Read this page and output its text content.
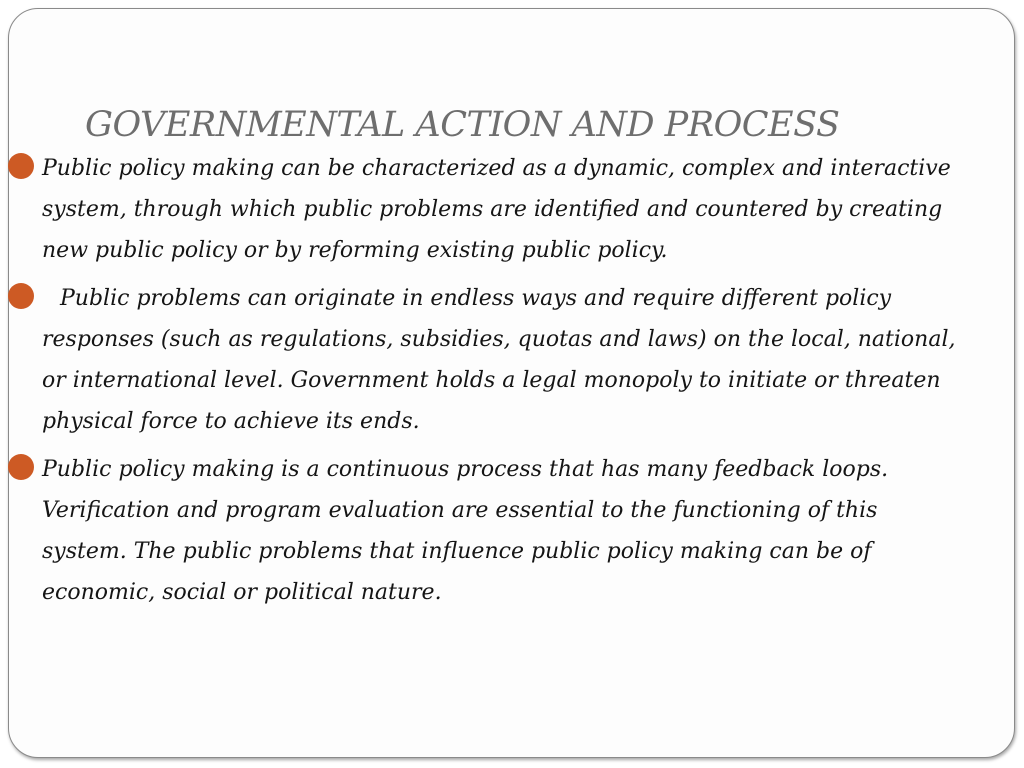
GOVERNMENTAL ACTION AND PROCESS
Public policy making can be characterized as a dynamic, complex and interactive system, through which public problems are identified and countered by creating new public policy or by reforming existing public policy.
Public problems can originate in endless ways and require different policy responses (such as regulations, subsidies, quotas and laws) on the local, national, or international level. Government holds a legal monopoly to initiate or threaten physical force to achieve its ends.
Public policy making is a continuous process that has many feedback loops. Verification and program evaluation are essential to the functioning of this system. The public problems that influence public policy making can be of economic, social or political nature.
